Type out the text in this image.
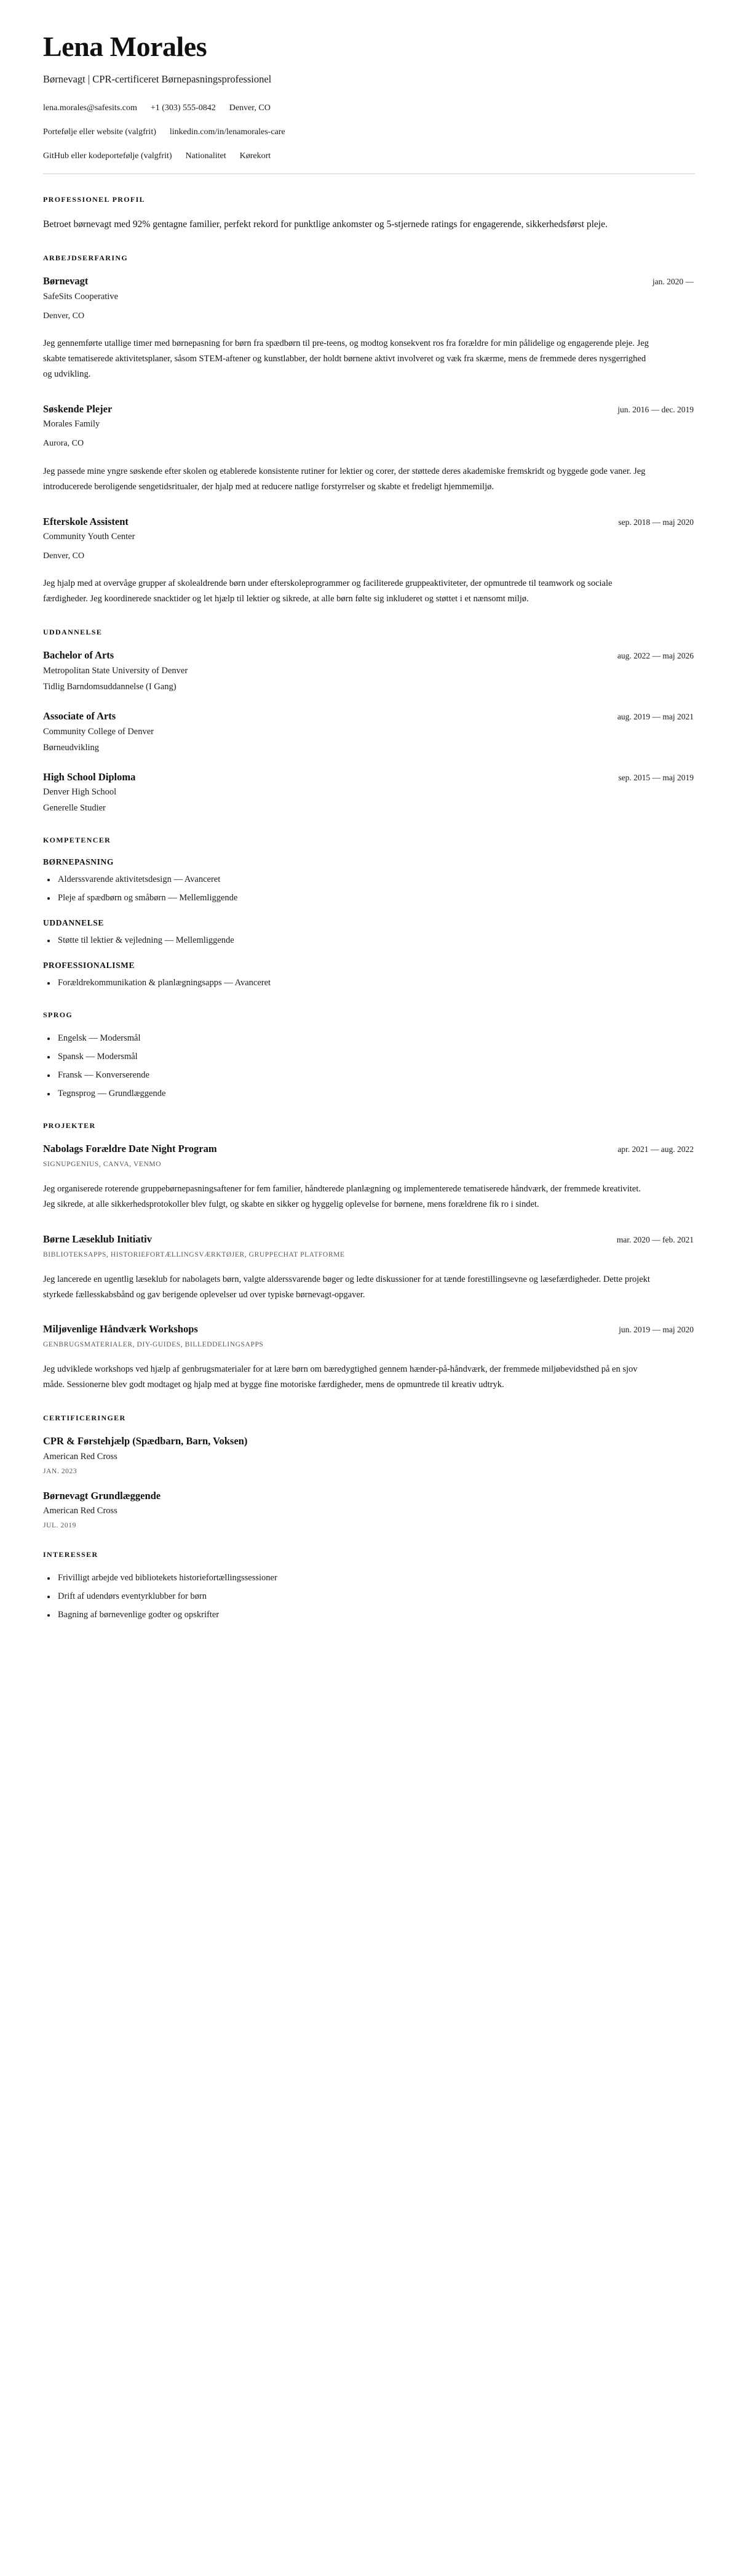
Lena Morales
Børnevagt | CPR-certificeret Børnepasningsprofessionel
lena.morales@safesits.com +1 (303) 555-0842 Denver, CO
Portefølje eller website (valgfrit) linkedin.com/in/lenamorales-care
GitHub eller kodeportefølje (valgfrit) Nationalitet Kørekort
PROFESSIONEL PROFIL

Betroet børnevagt med 92% gentagne familier, perfekt rekord for punktlige ankomster og 5-stjernede ratings for engagerende, sikkerhedsførst pleje.

ARBEJDSERFARING
Børnevagt	jan. 2020 —
SafeSits Cooperative
Denver, CO

Jeg gennemførte utallige timer med børnepasning for børn fra spædbørn til pre-teens, og modtog konsekvent ros fra forældre for min pålidelige og engagerende pleje. Jeg skabte tematiserede aktivitetsplaner, såsom STEM-aftener og kunstlabber, der holdt børnene aktivt involveret og væk fra skærme, mens de fremmede deres nysgerrighed og udvikling.

Søskende Plejer	jun. 2016 — dec. 2019
Morales Family
Aurora, CO

Jeg passede mine yngre søskende efter skolen og etablerede konsistente rutiner for lektier og corer, der støttede deres akademiske fremskridt og byggede gode vaner. Jeg introducerede beroligende sengetidsritualer, der hjalp med at reducere natlige forstyrrelser og skabte et fredeligt hjemmemiljø.

Efterskole Assistent	sep. 2018 — maj 2020
Community Youth Center
Denver, CO

Jeg hjalp med at overvåge grupper af skolealdrende børn under efterskoleprogrammer og faciliterede gruppeaktiviteter, der opmuntrede til teamwork og sociale færdigheder. Jeg koordinerede snacktider og let hjælp til lektier og sikrede, at alle børn følte sig inkluderet og støttet i et nænsomt miljø.

UDDANNELSE
Bachelor of Arts	aug. 2022 — maj 2026
Metropolitan State University of Denver
Tidlig Barndomsuddannelse (I Gang)
Associate of Arts	aug. 2019 — maj 2021
Community College of Denver
Børneudvikling
High School Diploma	sep. 2015 — maj 2019
Denver High School
Generelle Studier
KOMPETENCER
BØRNEPASNING
Alderssvarende aktivitetsdesign — Avanceret
Pleje af spædbørn og småbørn — Mellemliggende
UDDANNELSE
Støtte til lektier & vejledning — Mellemliggende
PROFESSIONALISME
Forældrekommunikation & planlægningsapps — Avanceret
SPROG
Engelsk — Modersmål
Spansk — Modersmål
Fransk — Konverserende
Tegnsprog — Grundlæggende
PROJEKTER
Nabolags Forældre Date Night Program	apr. 2021 — aug. 2022
SIGNUPGENIUS, CANVA, VENMO

Jeg organiserede roterende gruppebørnepasningsaftener for fem familier, håndterede planlægning og implementerede tematiserede håndværk, der fremmede kreativitet. Jeg sikrede, at alle sikkerhedsprotokoller blev fulgt, og skabte en sikker og hyggelig oplevelse for børnene, mens forældrene fik ro i sindet.

Børne Læseklub Initiativ	mar. 2020 — feb. 2021
BIBLIOTEKSAPPS, HISTORIEFORTÆLLINGSVÆRKTØJER, GRUPPECHAT PLATFORME

Jeg lancerede en ugentlig læseklub for nabolagets børn, valgte alderssvarende bøger og ledte diskussioner for at tænde forestillingsevne og læsefærdigheder. Dette projekt styrkede fællesskabsbånd og gav berigende oplevelser ud over typiske børnevagt-opgaver.

Miljøvenlige Håndværk Workshops	jun. 2019 — maj 2020
GENBRUGSMATERIALER, DIY-GUIDES, BILLEDDELINGSAPPS

Jeg udviklede workshops ved hjælp af genbrugsmaterialer for at lære børn om bæredygtighed gennem hænder-på-håndværk, der fremmede miljøbevidsthed på en sjov måde. Sessionerne blev godt modtaget og hjalp med at bygge fine motoriske færdigheder, mens de opmuntrede til kreativ udtryk.

CERTIFICERINGER
CPR & Førstehjælp (Spædbarn, Barn, Voksen)
American Red Cross
JAN. 2023
Børnevagt Grundlæggende
American Red Cross
JUL. 2019
INTERESSER
Frivilligt arbejde ved bibliotekets historiefortællingssessioner
Drift af udendørs eventyrklubber for børn
Bagning af børnevenlige godter og opskrifter
